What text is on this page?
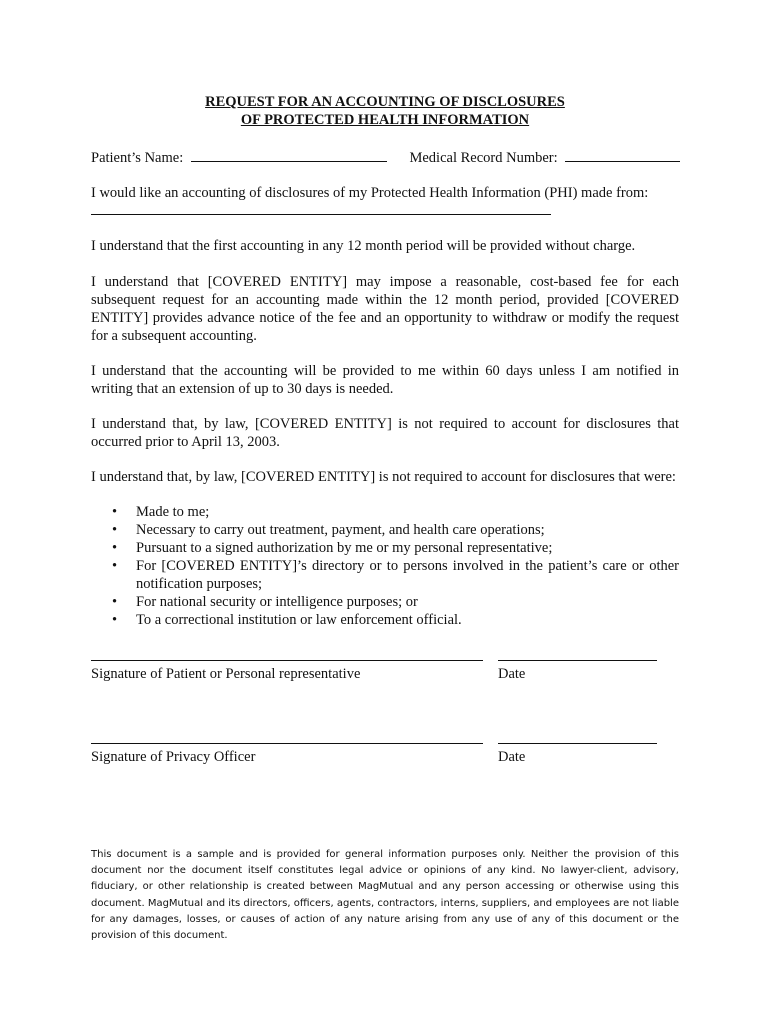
REQUEST FOR AN ACCOUNTING OF DISCLOSURES
OF PROTECTED HEALTH INFORMATION
Patient’s Name:	Medical Record Number:
I would like an accounting of disclosures of my Protected Health Information (PHI) made from:
I understand that the first accounting in any 12 month period will be provided without charge.
I understand that [COVERED ENTITY] may impose a reasonable, cost-based fee for each subsequent request for an accounting made within the 12 month period, provided [COVERED ENTITY] provides advance notice of the fee and an opportunity to withdraw or modify the request for a subsequent accounting.
I understand that the accounting will be provided to me within 60 days unless I am notified in writing that an extension of up to 30 days is needed.
I understand that, by law, [COVERED ENTITY] is not required to account for disclosures that occurred prior to April 13, 2003.
I understand that, by law, [COVERED ENTITY] is not required to account for disclosures that were:
• Made to me;
• Necessary to carry out treatment, payment, and health care operations;
• Pursuant to a signed authorization by me or my personal representative;
• For [COVERED ENTITY]’s directory or to persons involved in the patient’s care or other notification purposes;
• For national security or intelligence purposes; or
• To a correctional institution or law enforcement official.
Signature of Patient or Personal representative	Date
Signature of Privacy Officer	Date
This document is a sample and is provided for general information purposes only. Neither the provision of this document nor the document itself constitutes legal advice or opinions of any kind. No lawyer-client, advisory, fiduciary, or other relationship is created between MagMutual and any person accessing or otherwise using this document. MagMutual and its directors, officers, agents, contractors, interns, suppliers, and employees are not liable for any damages, losses, or causes of action of any nature arising from any use of any of this document or the provision of this document.
